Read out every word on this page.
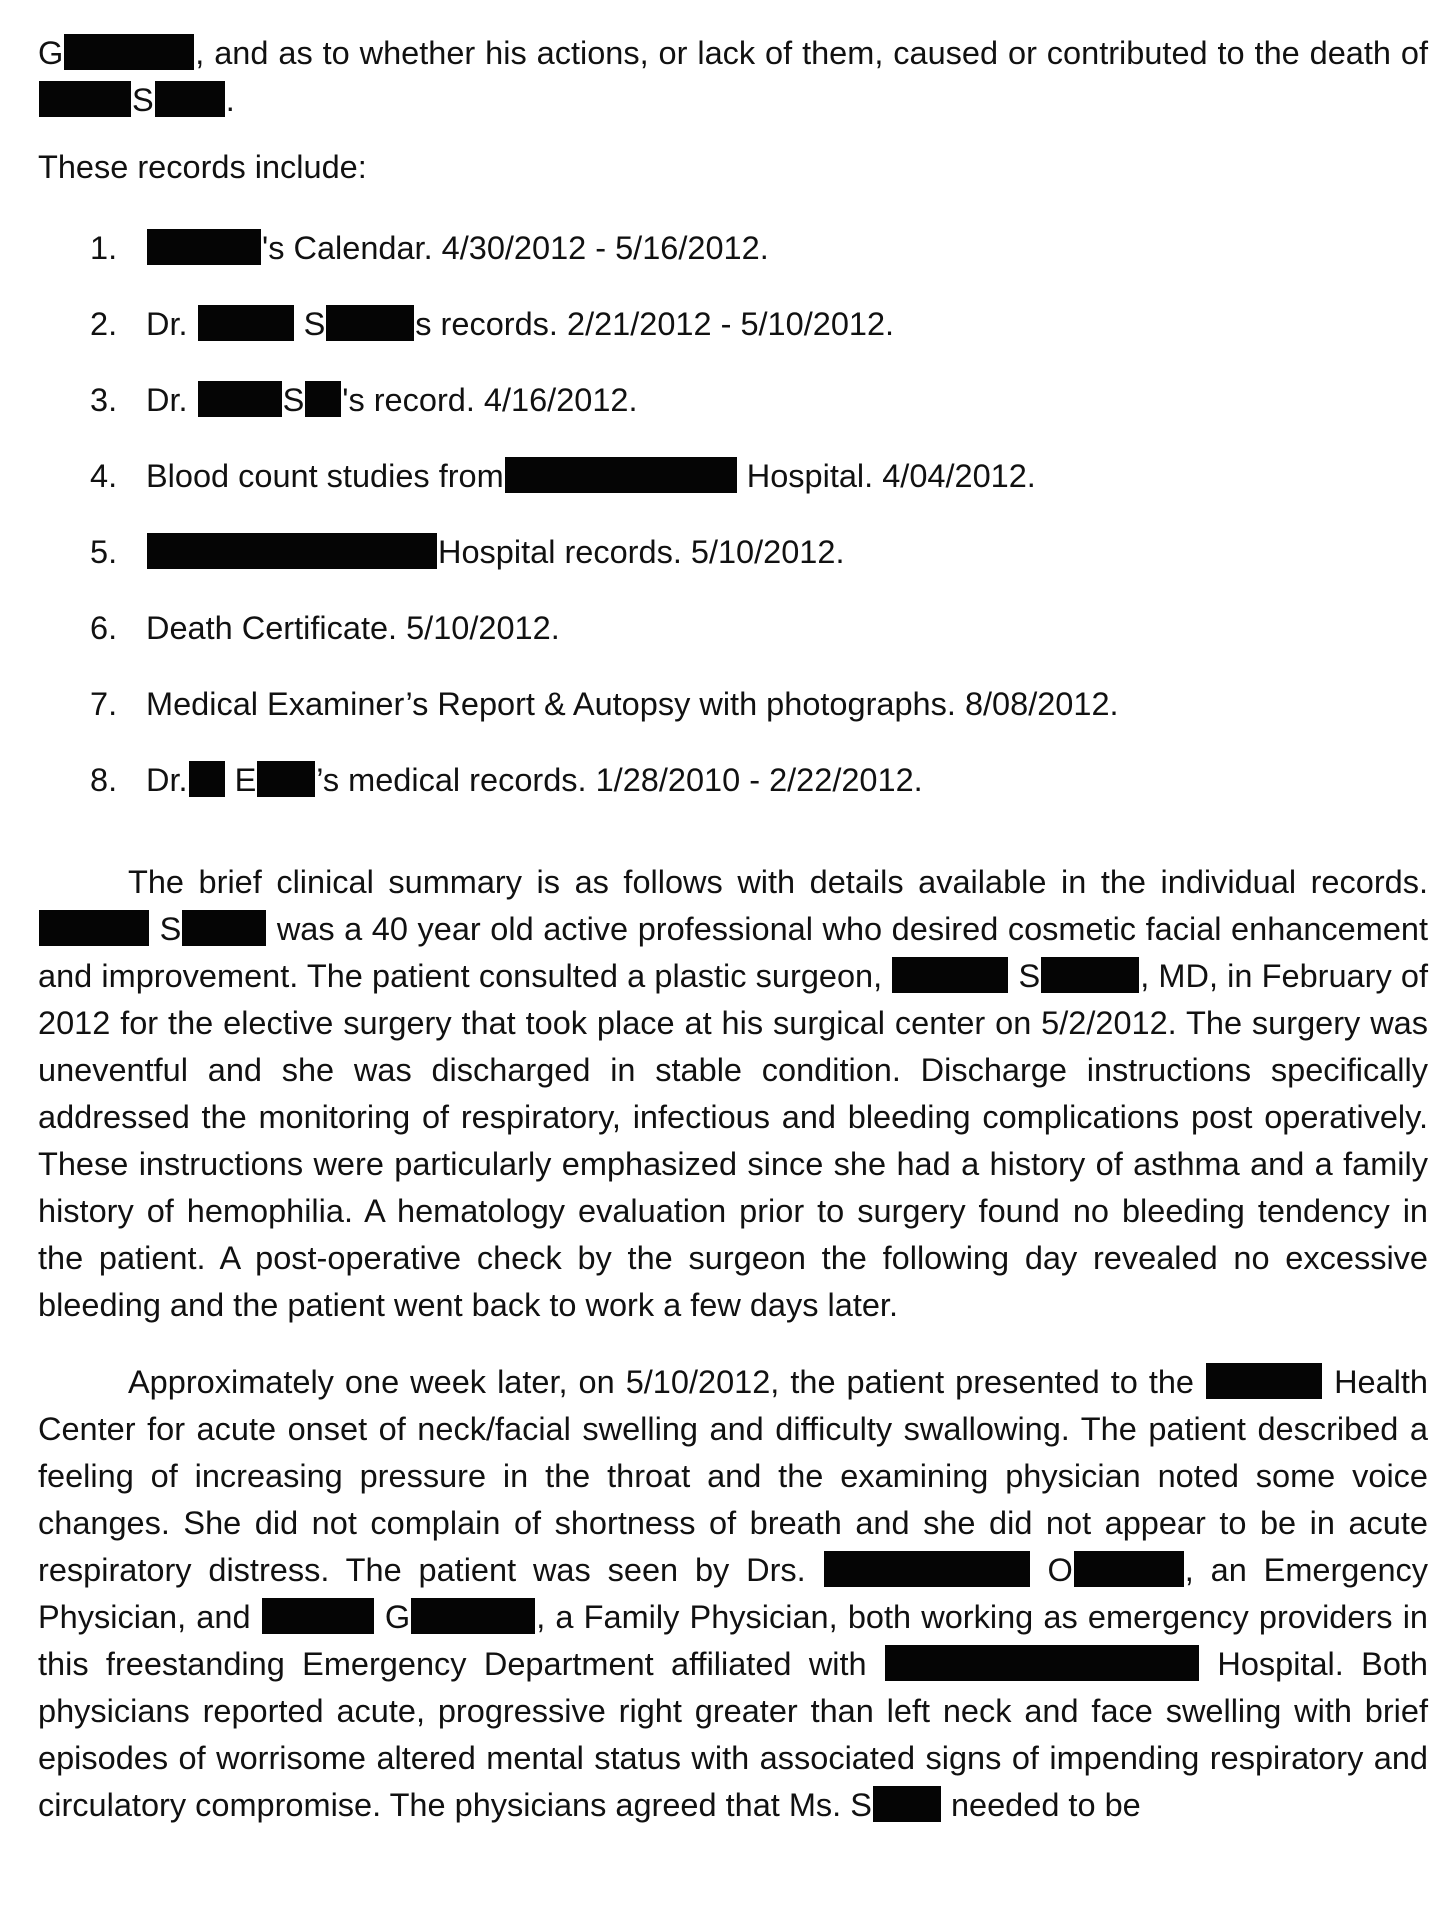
G	, and as to whether his actions, or lack of them, caused or contributed to the death of S .

These records include:

1.	's Calendar. 4/30/2012 - 5/16/2012.
2. Dr.	S	s records. 2/21/2012 - 5/10/2012.
3. Dr.	S 's record. 4/16/2012.
4. Blood count studies from	Hospital. 4/04/2012.
5.	Hospital records. 5/10/2012.
6. Death Certificate. 5/10/2012.
7. Medical Examiner’s Report & Autopsy with photographs. 8/08/2012.
8. Dr. E ’s medical records. 1/28/2010 - 2/22/2012.

The brief clinical summary is as follows with details available in the individual records.  S	was a 40 year old active professional who desired cosmetic facial enhancement and improvement. The patient consulted a plastic surgeon,	S	, MD, in February of 2012 for the elective surgery that took place at his surgical center on 5/2/2012. The surgery was uneventful and she was discharged in stable condition. Discharge instructions specifically addressed the monitoring of respiratory, infectious and bleeding complications post operatively. These instructions were particularly emphasized since she had a history of asthma and a family history of hemophilia. A hematology evaluation prior to surgery found no bleeding tendency in the patient. A post-operative check by the surgeon the following day revealed no excessive bleeding and the patient went back to work a few days later.

Approximately one week later, on 5/10/2012, the patient presented to the	Health Center for acute onset of neck/facial swelling and difficulty swallowing. The patient described a feeling of increasing pressure in the throat and the examining physician noted some voice changes. She did not complain of shortness of breath and she did not appear to be in acute respiratory distress. The patient was seen by Drs.	O	, an Emergency Physician, and	G	, a Family Physician, both working as emergency providers in this freestanding Emergency Department affiliated with	Hospital. Both physicians reported acute, progressive right greater than left neck and face swelling with brief episodes of worrisome altered mental status with associated signs of impending respiratory and circulatory compromise. The physicians agreed that Ms. S needed to be
